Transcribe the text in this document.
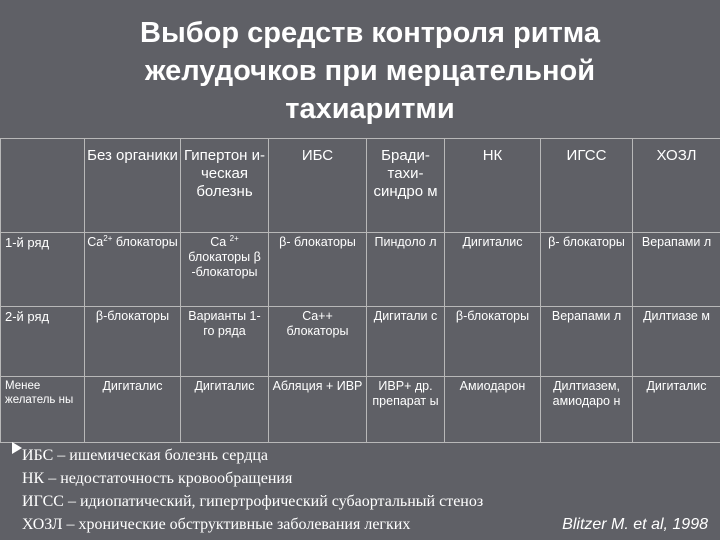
Выбор средств контроля ритма
желудочков при мерцательной
тахиаритми
	Без органики	Гипертон и-ческая болезнь	ИБС	Бради-тахи-синдро м	НК	ИГСС	ХОЗЛ
1-й ряд	$Ca^{2+}$ блокаторы	Ca $^{2+}$ блокаторы β -блокаторы	β- блокаторы	Пиндоло л	Дигиталис	β- блокаторы	Верапами л
2-й ряд	β-блокаторы	Варианты 1-го ряда	Ca++ блокаторы	Дигитали с	β-блокаторы	Верапами л	Дилтиазе м
Менее желатель ны	Дигиталис	Дигиталис	Абляция + ИВР	ИВР+ др. препарат ы	Амиодарон	Дилтиазем, амиодаро н	Дигиталис
ИБС – ишемическая болезнь сердца
НК – недостаточность кровообращения
ИГСС – идиопатический, гипертрофический субаортальный стеноз
ХОЗЛ – хронические обструктивные заболевания легких	Blitzer M. et al, 1998
